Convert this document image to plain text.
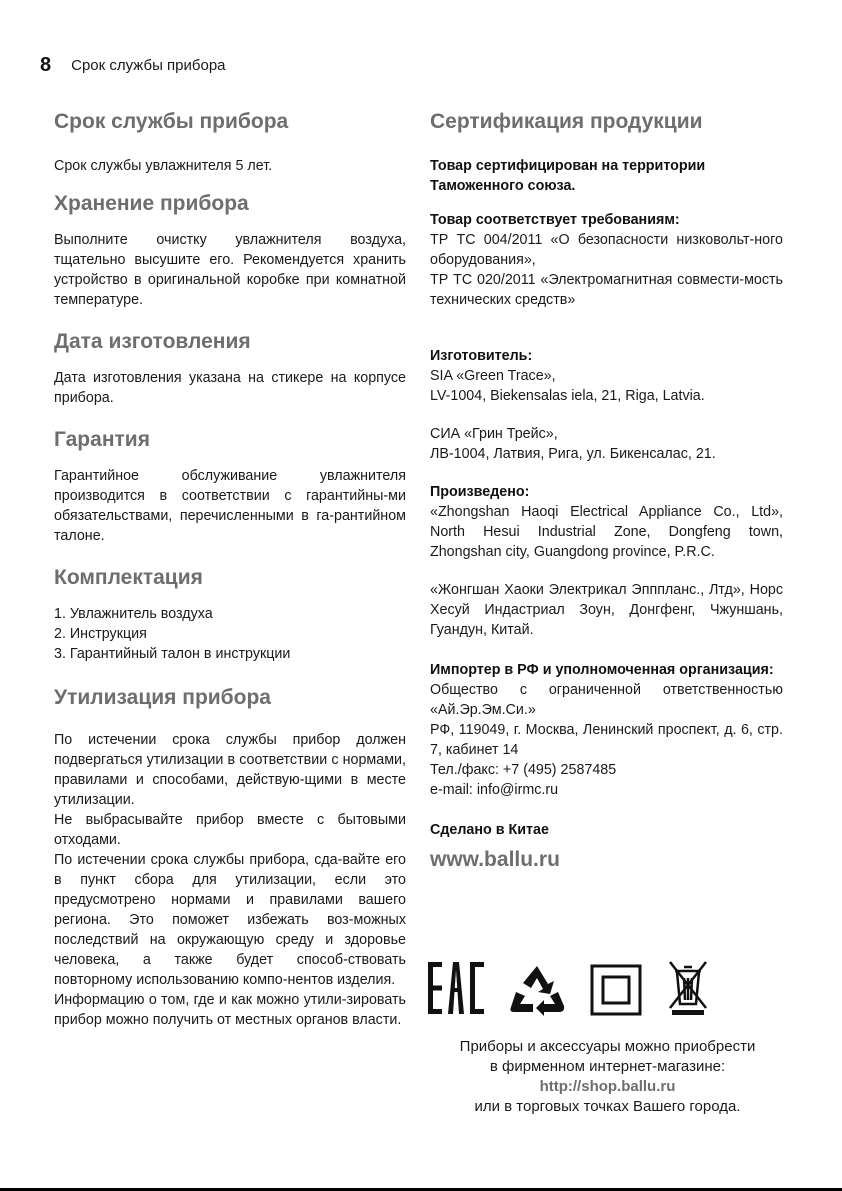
8 Срок службы прибора
Срок службы прибора

Срок службы увлажнителя 5 лет.

Хранение прибора

Выполните очистку увлажнителя воздуха, тщательно высушите его. Рекомендуется хранить устройство в оригинальной коробке при комнатной температуре.

Дата изготовления

Дата изготовления указана на стикере на корпусе прибора.

Гарантия

Гарантийное обслуживание увлажнителя производится в соответствии с гарантийны-ми обязательствами, перечисленными в га-рантийном талоне.

Комплектация

1. Увлажнитель воздуха

2. Инструкция

3. Гарантийный талон в инструкции

Утилизация прибора

По истечении срока службы прибор должен подвергаться утилизации в соответствии с нормами, правилами и способами, действую-щими в месте утилизации.

Не выбрасывайте прибор вместе с бытовыми отходами.

По истечении срока службы прибора, сда-вайте его в пункт сбора для утилизации, если это предусмотрено нормами и правилами вашего региона. Это поможет избежать воз-можных последствий на окружающую среду и здоровье человека, а также будет способ-ствовать повторному использованию компо-нентов изделия.

Информацию о том, где и как можно утили-зировать прибор можно получить от местных органов власти.

Сертификация продукции

Товар сертифицирован на территории Таможенного союза.

Товар соответствует требованиям:

ТР ТС 004/2011 «О безопасности низковольт-ного оборудования»,

ТР ТС 020/2011 «Электромагнитная совмести-мость технических средств»

Изготовитель:

SIA «Green Trace»,

LV-1004, Biekensalas iela, 21, Riga, Latvia.

СИА «Грин Трейс»,

ЛВ-1004, Латвия, Рига, ул. Бикенсалас, 21.

Произведено:

«Zhongshan Haoqi Electrical Appliance Co., Ltd», North Hesui Industrial Zone, Dongfeng town, Zhongshan city, Guangdong province, P.R.C.

«Жонгшан Хаоки Электрикал Эпппланс., Лтд», Норс Хесуй Индастриал Зоун, Донгфенг, Чжуншань, Гуандун, Китай.

Импортер в РФ и уполномоченная организация:

Общество с ограниченной ответственностью «Ай.Эр.Эм.Си.»

РФ, 119049, г. Москва, Ленинский проспект, д. 6, стр. 7, кабинет 14

Тел./факс: +7 (495) 2587485

e-mail: info@irmc.ru

Сделано в Китае

www.ballu.ru

Приборы и аксессуары можно приобрести
в фирменном интернет-магазине:
http://shop.ballu.ru
или в торговых точках Вашего города.
